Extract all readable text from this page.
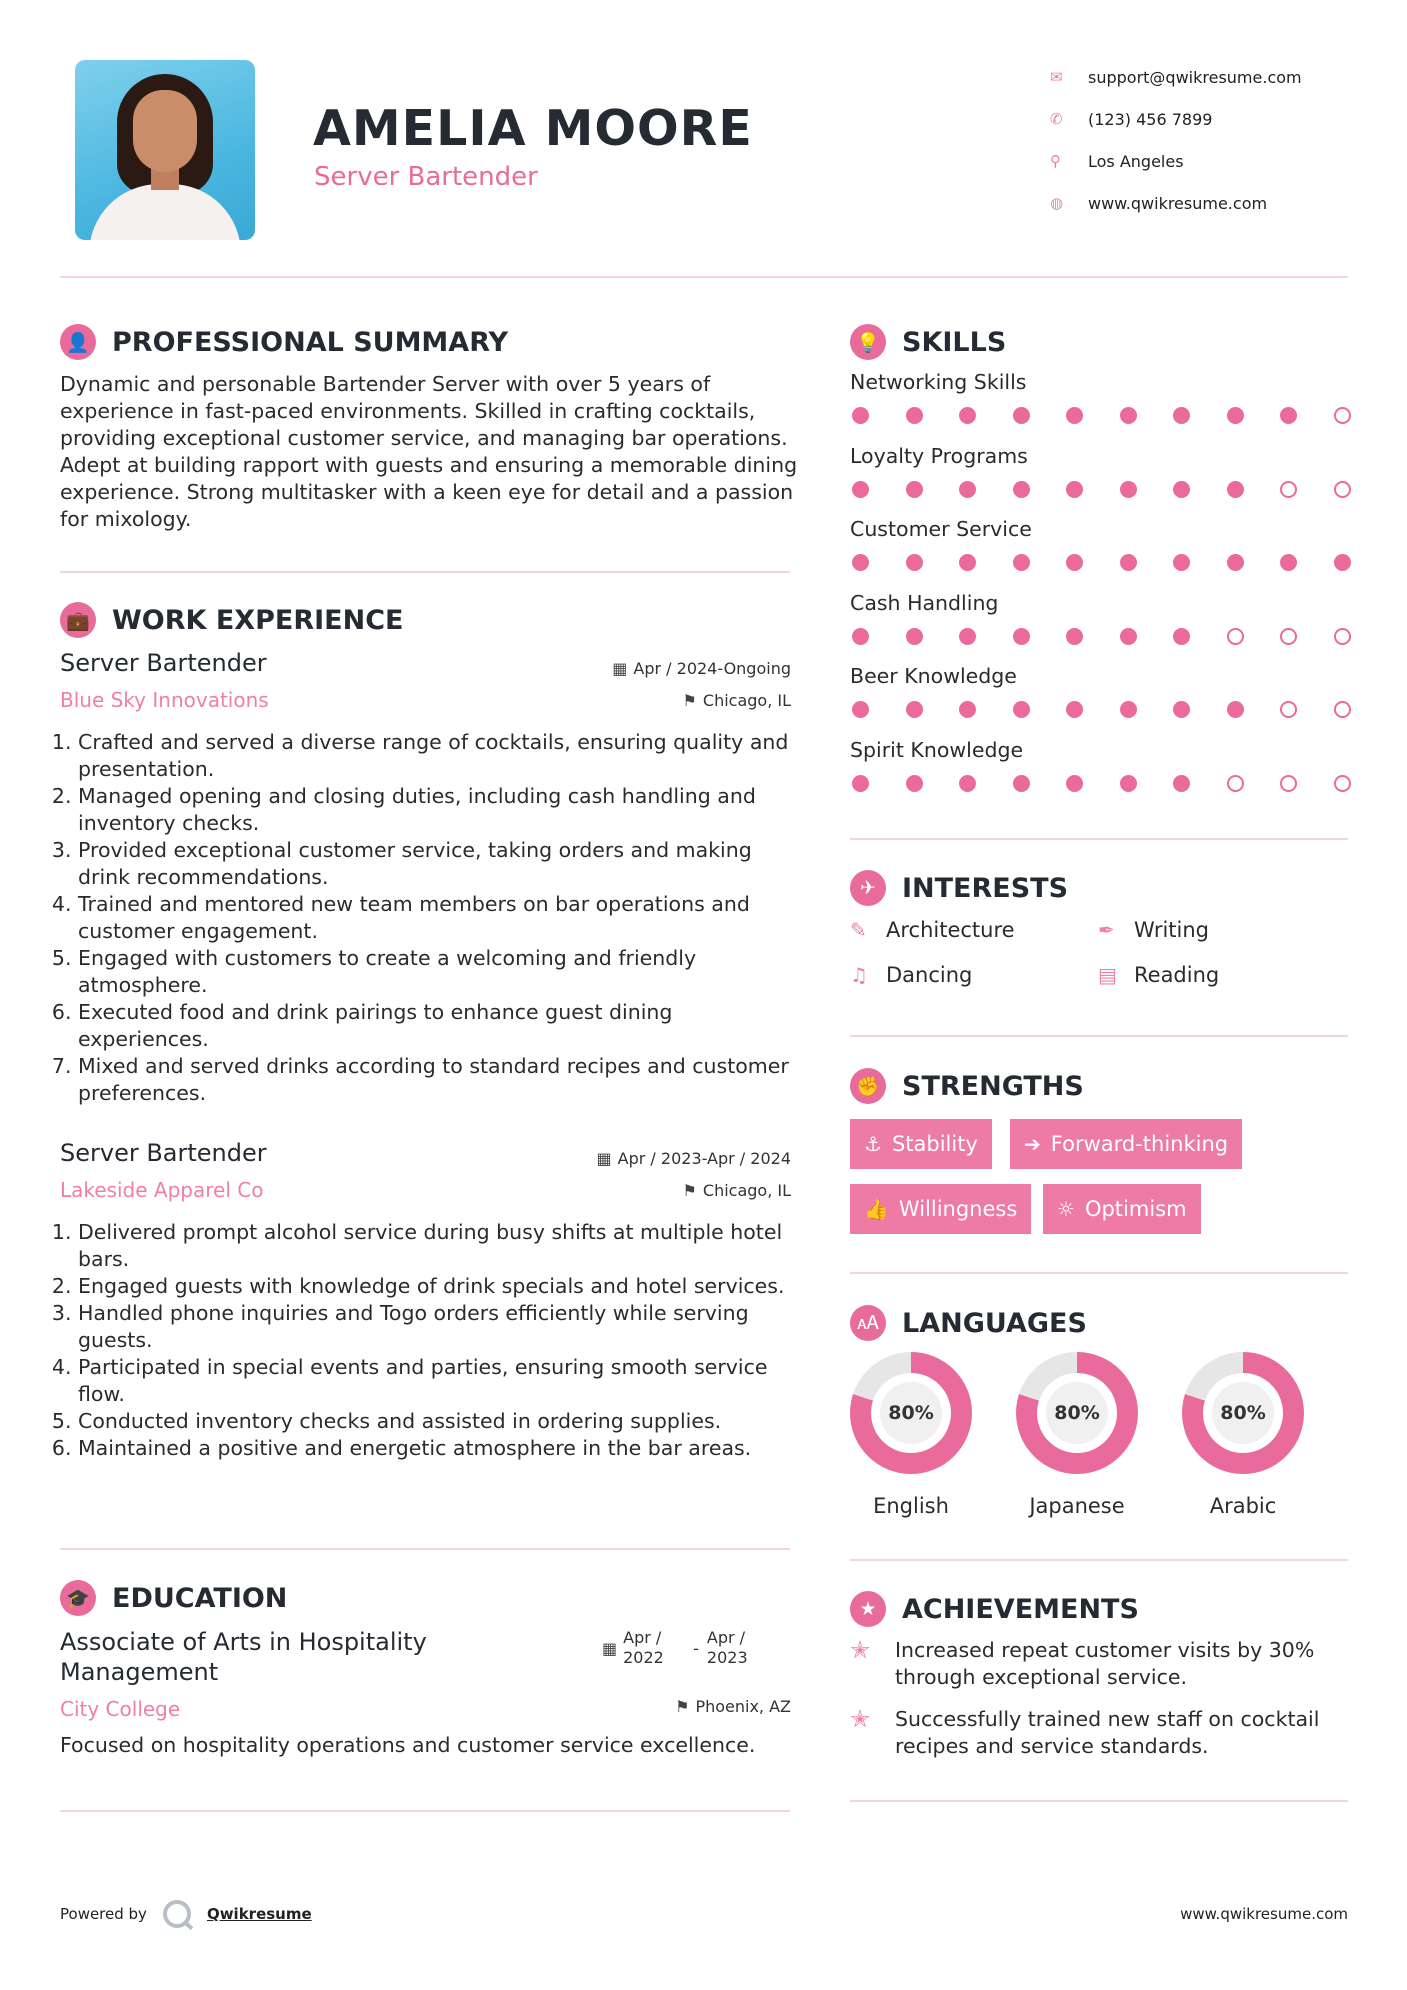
AMELIA MOORE
Server Bartender
✉	support@qwikresume.com
✆	(123) 456 7899
⚲	Los Angeles
◍	www.qwikresume.com
👤 PROFESSIONAL SUMMARY
Dynamic and personable Bartender Server with over 5 years of experience in fast-paced environments. Skilled in crafting cocktails, providing exceptional customer service, and managing bar operations. Adept at building rapport with guests and ensuring a memorable dining experience. Strong multitasker with a keen eye for detail and a passion for mixology.
💼 WORK EXPERIENCE
Server Bartender	▦ Apr / 2024-Ongoing
Blue Sky Innovations	⚑ Chicago, IL
1. Crafted and served a diverse range of cocktails, ensuring quality and presentation.
2. Managed opening and closing duties, including cash handling and inventory checks.
3. Provided exceptional customer service, taking orders and making drink recommendations.
4. Trained and mentored new team members on bar operations and customer engagement.
5. Engaged with customers to create a welcoming and friendly atmosphere.
6. Executed food and drink pairings to enhance guest dining experiences.
7. Mixed and served drinks according to standard recipes and customer preferences.
Server Bartender	▦ Apr / 2023-Apr / 2024
Lakeside Apparel Co	⚑ Chicago, IL
1. Delivered prompt alcohol service during busy shifts at multiple hotel bars.
2. Engaged guests with knowledge of drink specials and hotel services.
3. Handled phone inquiries and Togo orders efficiently while serving guests.
4. Participated in special events and parties, ensuring smooth service flow.
5. Conducted inventory checks and assisted in ordering supplies.
6. Maintained a positive and energetic atmosphere in the bar areas.
🎓 EDUCATION
Associate of Arts in Hospitality Management
▦
Apr / 2022	-
Apr / 2023
City College	⚑ Phoenix, AZ
Focused on hospitality operations and customer service excellence.
💡 SKILLS
Networking Skills
Loyalty Programs
Customer Service
Cash Handling
Beer Knowledge
Spirit Knowledge
✈ INTERESTS
✎ Architecture	✒ Writing
♫ Dancing	▤ Reading
✊ STRENGTHS
⚓ Stability ➔ Forward-thinking
👍 Willingness ☼ Optimism
🗚 LANGUAGES
80%
English
80%
Japanese
80%
Arabic
★ ACHIEVEMENTS
✭	Increased repeat customer visits by 30% through exceptional service.
✭	Successfully trained new staff on cocktail recipes and service standards.
Powered by	Qwikresume	www.qwikresume.com
